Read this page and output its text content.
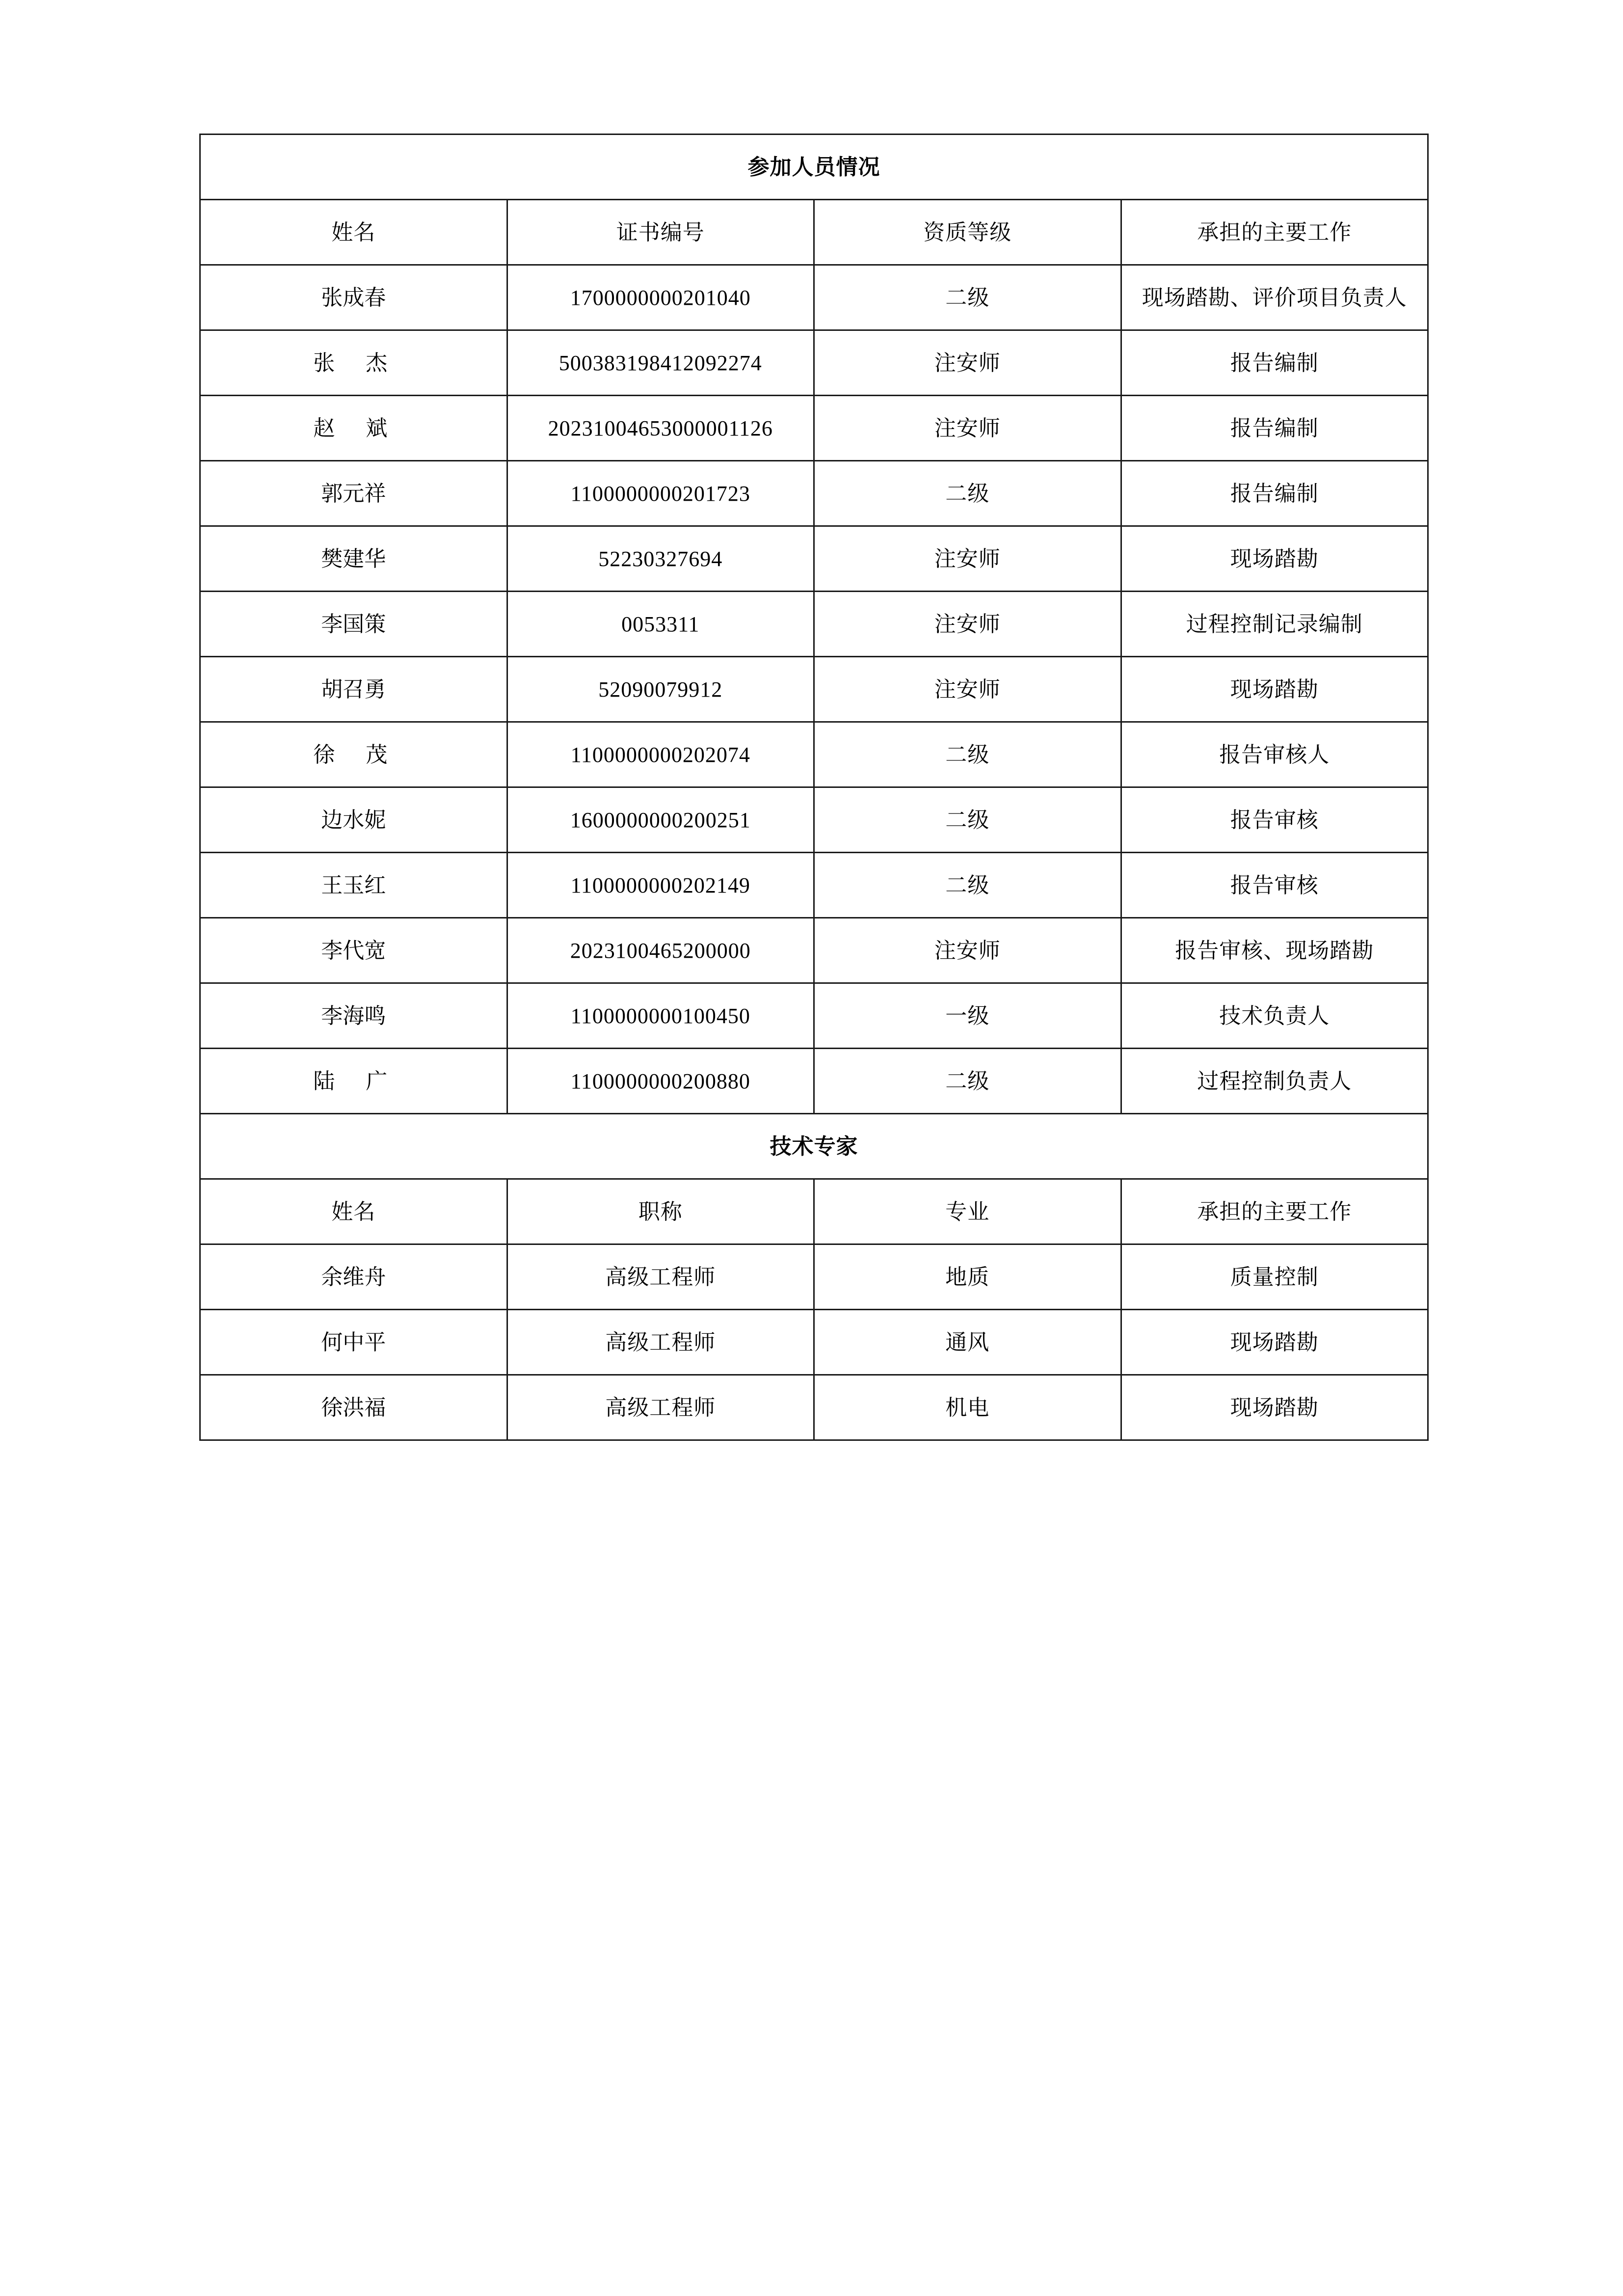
参加人员情况			
姓名	证书编号	资质等级	承担的主要工作
张成春	1700000000201040	二级	现场踏勘、评价项目负责人
张 杰	500383198412092274	注安师	报告编制
赵 斌	20231004653000001126	注安师	报告编制
郭元祥	1100000000201723	二级	报告编制
樊建华	52230327694	注安师	现场踏勘
李国策	0053311	注安师	过程控制记录编制
胡召勇	52090079912	注安师	现场踏勘
徐 茂	1100000000202074	二级	报告审核人
边水妮	1600000000200251	二级	报告审核
王玉红	1100000000202149	二级	报告审核
李代宽	2023100465200000	注安师	报告审核、现场踏勘
李海鸣	1100000000100450	一级	技术负责人
陆 广	1100000000200880	二级	过程控制负责人
技术专家			
姓名	职称	专业	承担的主要工作
余维舟	高级工程师	地质	质量控制
何中平	高级工程师	通风	现场踏勘
徐洪福	高级工程师	机电	现场踏勘
